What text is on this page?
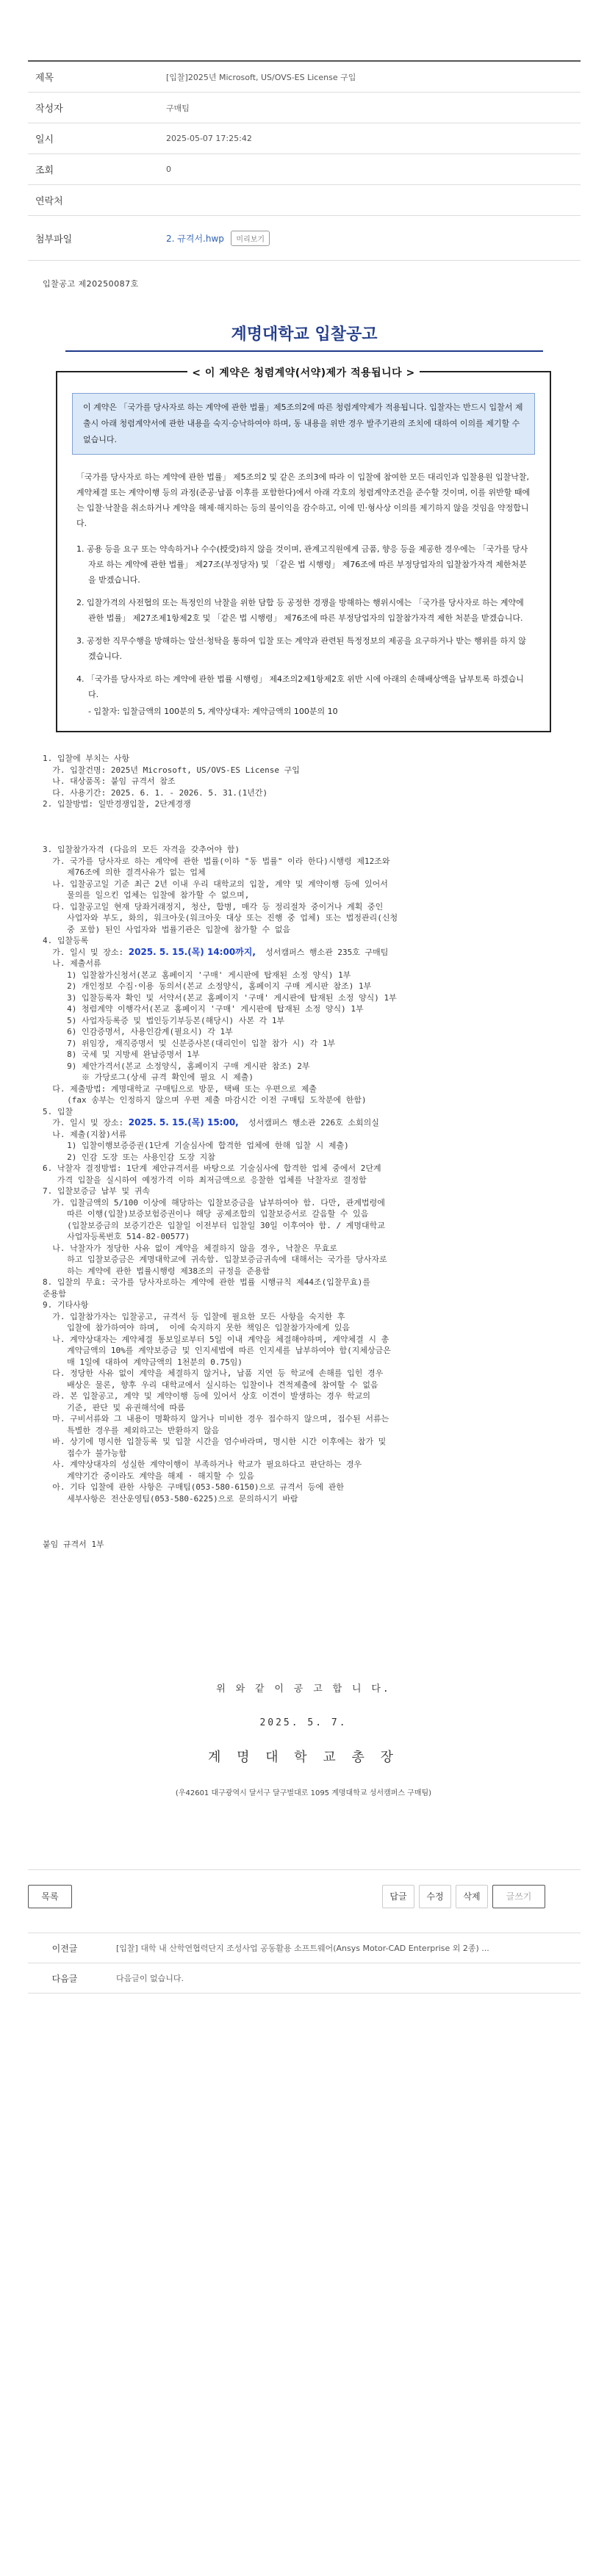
제목	[입찰]2025년 Microsoft, US/OVS-ES License 구입
작성자	구매팀
일시	2025-05-07 17:25:42
조회	0
연락처
첨부파일	2. 규격서.hwp 미리보기
입찰공고 제20250087호
계명대학교 입찰공고
< 이 계약은 청렴계약(서약)제가 적용됩니다 >
이 계약은 「국가를 당사자로 하는 계약에 관한 법률」제5조의2에 따른 청렴계약제가 적용됩니다. 입찰자는 반드시 입찰서 제출시 아래 청렴계약서에 관한 내용을 숙지·승낙하여야 하며, 동 내용을 위반 경우 발주기관의 조치에 대하여 이의를 제기할 수 없습니다.
「국가를 당사자로 하는 계약에 관한 법률」 제5조의2 및 같은 조의3에 따라 이 입찰에 참여한 모든 대리인과 입찰용원 입찰낙찰, 계약체결 또는 계약이행 등의 과정(준공·납품 이후를 포함한다)에서 아래 각호의 청렴계약조건을 준수할 것이며, 이를 위반할 때에는 입찰·낙찰을 취소하거나 계약을 해제·해지하는 등의 불이익을 감수하고, 이에 민·형사상 이의를 제기하지 않을 것임을 약정합니다.
1. 공용 등을 요구 또는 약속하거나 수수(授受)하지 않을 것이며, 관계고직원에게 금품, 향응 등을 제공한 경우에는 「국가를 당사자로 하는 계약에 관한 법률」 제27조(부정당자) 및 「같은 법 시행령」 제76조에 따른 부정당업자의 입찰참가자격 제한처분을 받겠습니다.
2. 입찰가격의 사전협의 또는 특정인의 낙찰을 위한 담합 등 공정한 경쟁을 방해하는 행위시에는 「국가를 당사자로 하는 계약에 관한 법률」 제27조제1항제2호 및 「같은 법 시행령」 제76조에 따른 부정당업자의 입찰참가자격 제한 처분을 받겠습니다.
3. 공정한 직무수행을 방해하는 알선·청탁을 통하여 입찰 또는 계약과 관련된 특정정보의 제공을 요구하거나 받는 행위를 하지 않겠습니다.
4. 「국가를 당사자로 하는 계약에 관한 법률 시행령」 제4조의2제1항제2호 위반 시에 아래의 손해배상액을 납부토록 하겠습니다.
- 입찰자: 입찰금액의 100분의 5, 계약상대자: 계약금액의 100분의 10
1. 입찰에 부치는 사항
가. 입찰건명: 2025년 Microsoft, US/OVS-ES License 구입
나. 대상품목: 붙임 규격서 참조
다. 사용기간: 2025. 6. 1. - 2026. 5. 31.(1년간)
2. 입찰방법: 일반경쟁입찰, 2단계경쟁

3. 입찰참가자격 (다음의 모든 자격을 갖추어야 함)
가. 국가를 당사자로 하는 계약에 관한 법률(이하 "동 법률" 이라 한다)시행령 제12조와
제76조에 의한 결격사유가 없는 업체
나. 입찰공고일 기준 최근 2년 이내 우리 대학교의 입찰, 계약 및 계약이행 등에 있어서
물의를 일으킨 업체는 입찰에 참가할 수 없으며,
다. 입찰공고일 현재 당좌거래정지, 청산, 합병, 매각 등 정리절차 중이거나 계획 중인
사업자와 부도, 화의, 워크아웃(워크아웃 대상 또는 진행 중 업체) 또는 법정관리(신청
중 포함) 된인 사업자와 법률기관은 입찰에 참가할 수 없음
4. 입찰등록
가. 일시 및 장소: 2025. 5. 15.(목) 14:00까지,  성서캠퍼스 행소관 235호 구매팀
나. 제출서류
1) 입찰참가신청서(본교 홈페이지 '구매' 게시판에 탑재된 소정 양식) 1부
2) 개인정보 수집·이용 동의서(본교 소정양식, 홈페이지 구매 게시판 참조) 1부
3) 입찰등록자 확인 및 서약서(본교 홈페이지 '구매' 게시판에 탑재된 소정 양식) 1부
4) 청렴계약 이행각서(본교 홈페이지 '구매' 게시판에 탑재된 소정 양식) 1부
5) 사업자등록증 및 법인등기부등본(해당시) 사본 각 1부
6) 인감증명서, 사용인감계(필요시) 각 1부
7) 위임장, 재직증명서 및 신분증사본(대리인이 입찰 참가 시) 각 1부
8) 국세 및 지방세 완납증명서 1부
9) 제안가격서(본교 소정양식, 홈페이지 구매 게시판 참조) 2부
※ 가당로그(상세 규격 확인에 필요 시 제출)
다. 제출방법: 계명대학교 구매팀으로 방문, 택배 또는 우편으로 제출
(fax 송부는 인정하지 않으며 우편 제출 마감시간 이전 구매팀 도착분에 한함)
5. 입찰
가. 일시 및 장소: 2025. 5. 15.(목) 15:00,  성서캠퍼스 행소관 226호 소회의실
나. 제출(지참)서류
1) 입찰이행보증증권(1단계 기술심사에 합격한 업체에 한해 입찰 시 제출)
2) 인감 도장 또는 사용인감 도장 지참
6. 낙찰자 결정방법: 1단계 제안규격서를 바탕으로 기술심사에 합격한 업체 중에서 2단계
가격 입찰을 실시하여 예정가격 이하 최저금액으로 응찰한 업체를 낙찰자로 결정함
7. 입찰보증금 납부 및 귀속
가. 입찰금액의 5/100 이상에 해당하는 입찰보증금을 납부하여야 함. 다만, 관계법령에
따른 이행(입찰)보증보험증권이나 해당 공제조합의 입찰보증서로 갈음할 수 있음
(입찰보증금의 보증기간은 입찰일 이전부터 입찰일 30일 이후여야 함. / 계명대학교
사업자등록번호 514-82-00577)
나. 낙찰자가 정당한 사유 없이 계약을 체결하지 않을 경우, 낙찰은 무효로
하고 입찰보증금은 계명대학교에 귀속함. 입찰보증금귀속에 대해서는 국가를 당사자로
하는 계약에 관한 법률시행령 제38조의 규정을 준용함
8. 입찰의 무효: 국가를 당사자로하는 계약에 관한 법률 시행규칙 제44조(입찰무효)를
준용함
9. 기타사항
가. 입찰참가자는 입찰공고, 규격서 등 입찰에 필요한 모든 사항을 숙지한 후
입찰에 참가하여야 하며,  이에 숙지하지 못한 책임은 입찰참가자에게 있음
나. 계약상대자는 계약체결 통보일로부터 5일 이내 계약을 체결해야하며, 계약체결 시 총
계약금액의 10%를 계약보증금 및 인지세법에 따른 인지세를 납부하여야 함(지체상금은
매 1일에 대하여 계약금액의 1천분의 0.75임)
다. 정당한 사유 없이 계약을 체결하지 않거나, 납품 지연 등 학교에 손해를 입힌 경우
배상은 물론, 향후 우리 대학교에서 실시하는 입찰이나 견적제출에 참여할 수 없음
라. 본 입찰공고, 계약 및 계약이행 등에 있어서 상호 이견이 발생하는 경우 학교의
기준, 판단 및 유권해석에 따름
마. 구비서류와 그 내용이 명확하지 않거나 미비한 경우 접수하지 않으며, 접수된 서류는
특별한 경우를 제외하고는 반환하지 않음
바. 상기에 명시한 입찰등록 및 입찰 시간을 엄수바라며, 명시한 시간 이후에는 참가 및
접수가 불가능함
사. 계약상대자의 성실한 계약이행이 부족하거나 학교가 필요하다고 판단하는 경우
계약기간 중이라도 계약을 해제 · 해지할 수 있음
아. 기타 입찰에 관한 사항은 구매팀(053-580-6150)으로 규격서 등에 관한
세부사항은 전산운영팀(053-580-6225)으로 문의하시기 바람

붙임 규격서 1부
위 와 같 이 공 고 합 니 다.
2025. 5. 7.
계 명 대 학 교 총 장
(우42601 대구광역시 달서구 달구벌대로 1095 계명대학교 성서캠퍼스 구매팀)
목록	답글	수정	삭제	글쓰기
이전글	[입찰] 대학 내 산학연협력단지 조성사업 공동활용 소프트웨어(Ansys Motor-CAD Enterprise 외 2종) ...
다음글	다음글이 없습니다.
